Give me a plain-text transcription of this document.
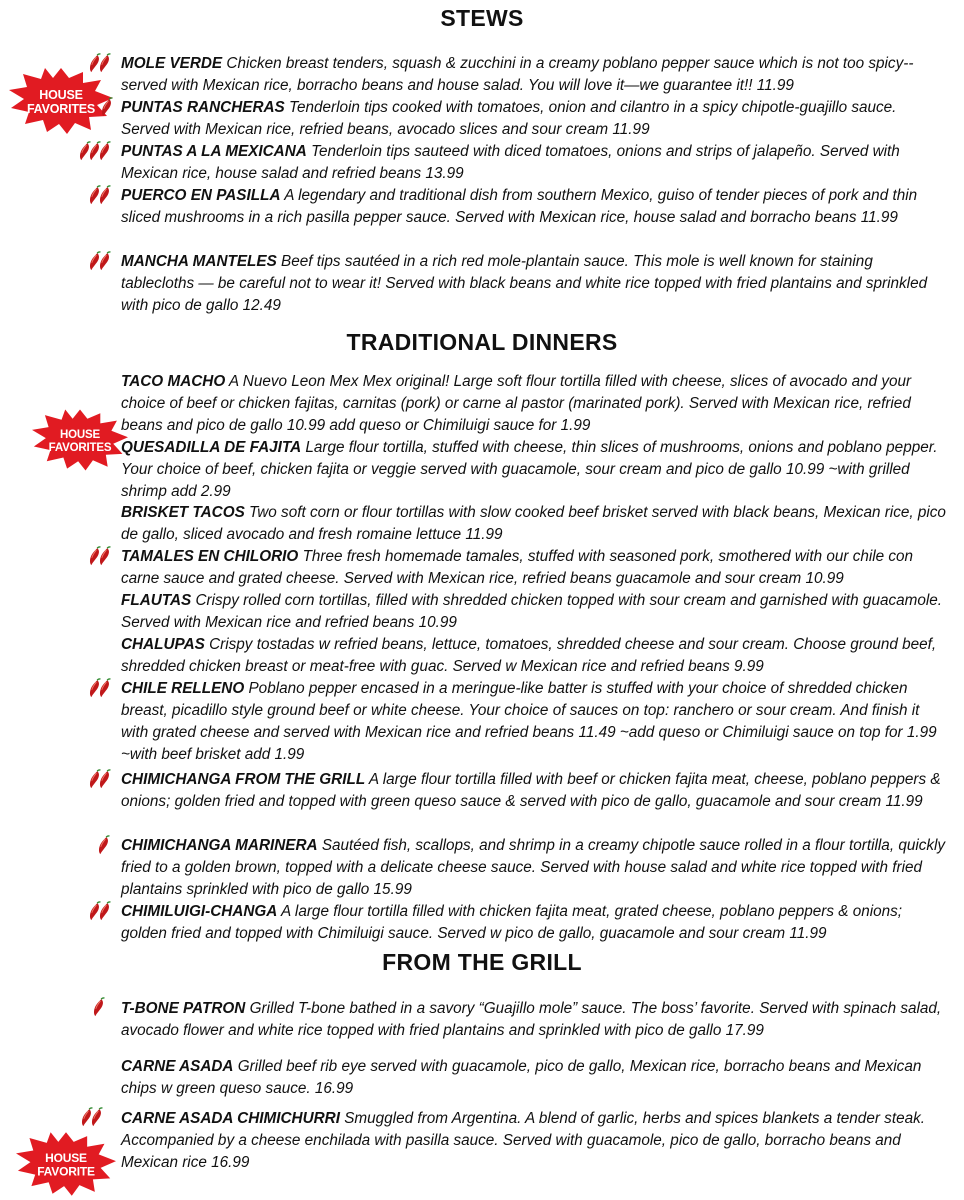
STEWS
TRADITIONAL DINNERS
FROM THE GRILL
HOUSE
FAVORITES
HOUSE
FAVORITES
HOUSE
FAVORITE
MOLE VERDE Chicken breast tenders, squash & zucchini in a creamy poblano pepper sauce which is not too spicy-- served with Mexican rice, borracho beans and house salad. You will love it—we guarantee it!! 11.99
PUNTAS RANCHERAS Tenderloin tips cooked with tomatoes, onion and cilantro in a spicy chipotle-guajillo sauce. Served with Mexican rice, refried beans, avocado slices and sour cream 11.99
PUNTAS A LA MEXICANA Tenderloin tips sauteed with diced tomatoes, onions and strips of jalapeño. Served with Mexican rice, house salad and refried beans 13.99
PUERCO EN PASILLA A legendary and traditional dish from southern Mexico, guiso of tender pieces of pork and thin sliced mushrooms in a rich pasilla pepper sauce. Served with Mexican rice, house salad and borracho beans 11.99
MANCHA MANTELES Beef tips sautéed in a rich red mole-plantain sauce. This mole is well known for staining tablecloths — be careful not to wear it! Served with black beans and white rice topped with fried plantains and sprinkled with pico de gallo 12.49
TACO MACHO A Nuevo Leon Mex Mex original! Large soft flour tortilla filled with cheese, slices of avocado and your choice of beef or chicken fajitas, carnitas (pork) or carne al pastor (marinated pork). Served with Mexican rice, refried beans and pico de gallo 10.99 add queso or Chimiluigi sauce for 1.99
QUESADILLA DE FAJITA Large flour tortilla, stuffed with cheese, thin slices of mushrooms, onions and poblano pepper. Your choice of beef, chicken fajita or veggie served with guacamole, sour cream and pico de gallo 10.99 ~with grilled shrimp add 2.99
BRISKET TACOS Two soft corn or flour tortillas with slow cooked beef brisket served with black beans, Mexican rice, pico de gallo, sliced avocado and fresh romaine lettuce 11.99
TAMALES EN CHILORIO Three fresh homemade tamales, stuffed with seasoned pork, smothered with our chile con carne sauce and grated cheese. Served with Mexican rice, refried beans guacamole and sour cream 10.99
FLAUTAS Crispy rolled corn tortillas, filled with shredded chicken topped with sour cream and garnished with guacamole. Served with Mexican rice and refried beans 10.99
CHALUPAS Crispy tostadas w refried beans, lettuce, tomatoes, shredded cheese and sour cream. Choose ground beef, shredded chicken breast or meat-free with guac. Served w Mexican rice and refried beans 9.99
CHILE RELLENO Poblano pepper encased in a meringue-like batter is stuffed with your choice of shredded chicken breast, picadillo style ground beef or white cheese. Your choice of sauces on top: ranchero or sour cream. And finish it with grated cheese and served with Mexican rice and refried beans 11.49 ~add queso or Chimiluigi sauce on top for 1.99 ~with beef brisket add 1.99
CHIMICHANGA FROM THE GRILL A large flour tortilla filled with beef or chicken fajita meat, cheese, poblano peppers & onions; golden fried and topped with green queso sauce & served with pico de gallo, guacamole and sour cream 11.99
CHIMICHANGA MARINERA Sautéed fish, scallops, and shrimp in a creamy chipotle sauce rolled in a flour tortilla, quickly fried to a golden brown, topped with a delicate cheese sauce. Served with house salad and white rice topped with fried plantains sprinkled with pico de gallo 15.99
CHIMILUIGI-CHANGA A large flour tortilla filled with chicken fajita meat, grated cheese, poblano peppers & onions; golden fried and topped with Chimiluigi sauce. Served w pico de gallo, guacamole and sour cream 11.99
T-BONE PATRON Grilled T-bone bathed in a savory “Guajillo mole” sauce. The boss’ favorite. Served with spinach salad, avocado flower and white rice topped with fried plantains and sprinkled with pico de gallo 17.99
CARNE ASADA Grilled beef rib eye served with guacamole, pico de gallo, Mexican rice, borracho beans and Mexican chips w green queso sauce. 16.99
CARNE ASADA CHIMICHURRI Smuggled from Argentina. A blend of garlic, herbs and spices blankets a tender steak. Accompanied by a cheese enchilada with pasilla sauce. Served with guacamole, pico de gallo, borracho beans and Mexican rice 16.99
